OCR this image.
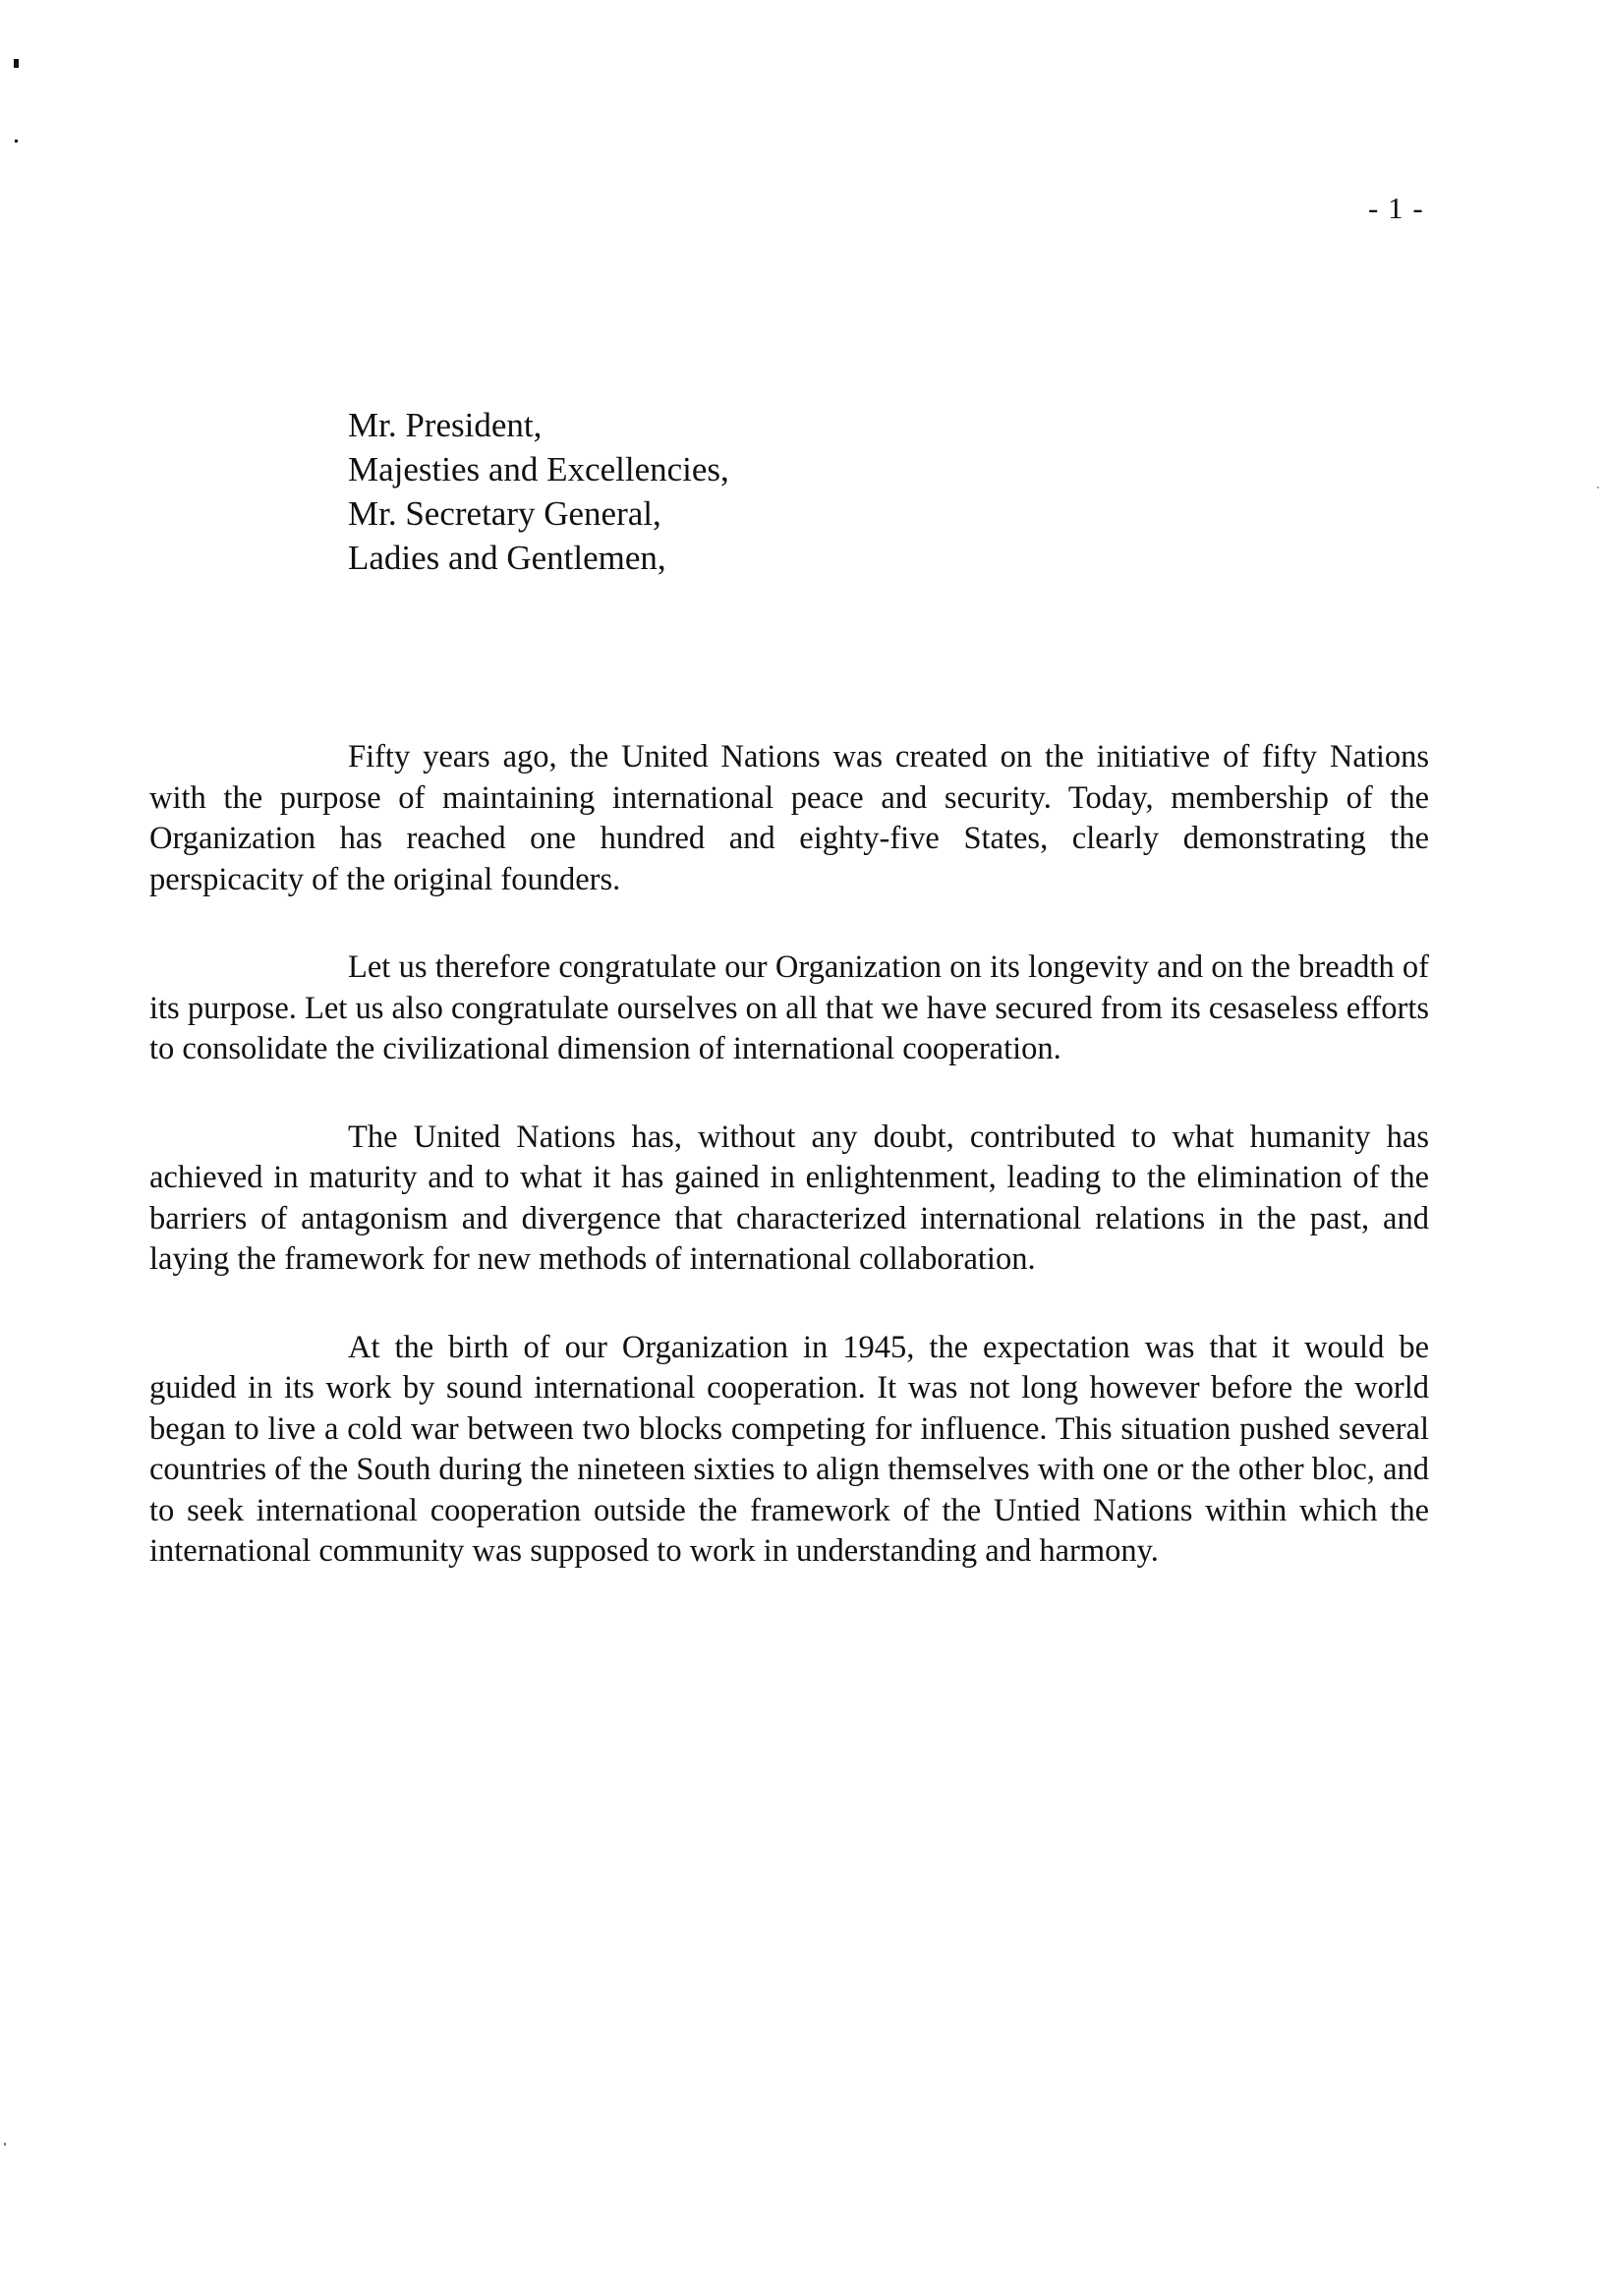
- 1 -
Mr. President,
Majesties and Excellencies,
Mr. Secretary General,
Ladies and Gentlemen,

Fifty years ago, the United Nations was created on the initiative of fifty Nations with the purpose of maintaining international peace and security. Today, membership of the Organization has reached one hundred and eighty-five States, clearly demonstrating the perspicacity of the original founders.

Let us therefore congratulate our Organization on its longevity and on the breadth of its purpose. Let us also congratulate ourselves on all that we have secured from its cesaseless efforts to consolidate the civilizational dimension of international cooperation.

The United Nations has, without any doubt, contributed to what humanity has achieved in maturity and to what it has gained in enlightenment, leading to the elimination of the barriers of antagonism and divergence that characterized international relations in the past, and laying the framework for new methods of international collaboration.

At the birth of our Organization in 1945, the expectation was that it would be guided in its work by sound international cooperation. It was not long however before the world began to live a cold war between two blocks competing for influence. This situation pushed several countries of the South during the nineteen sixties to align themselves with one or the other bloc, and to seek international cooperation outside the framework of the Untied Nations within which the international community was supposed to work in understanding and harmony.
